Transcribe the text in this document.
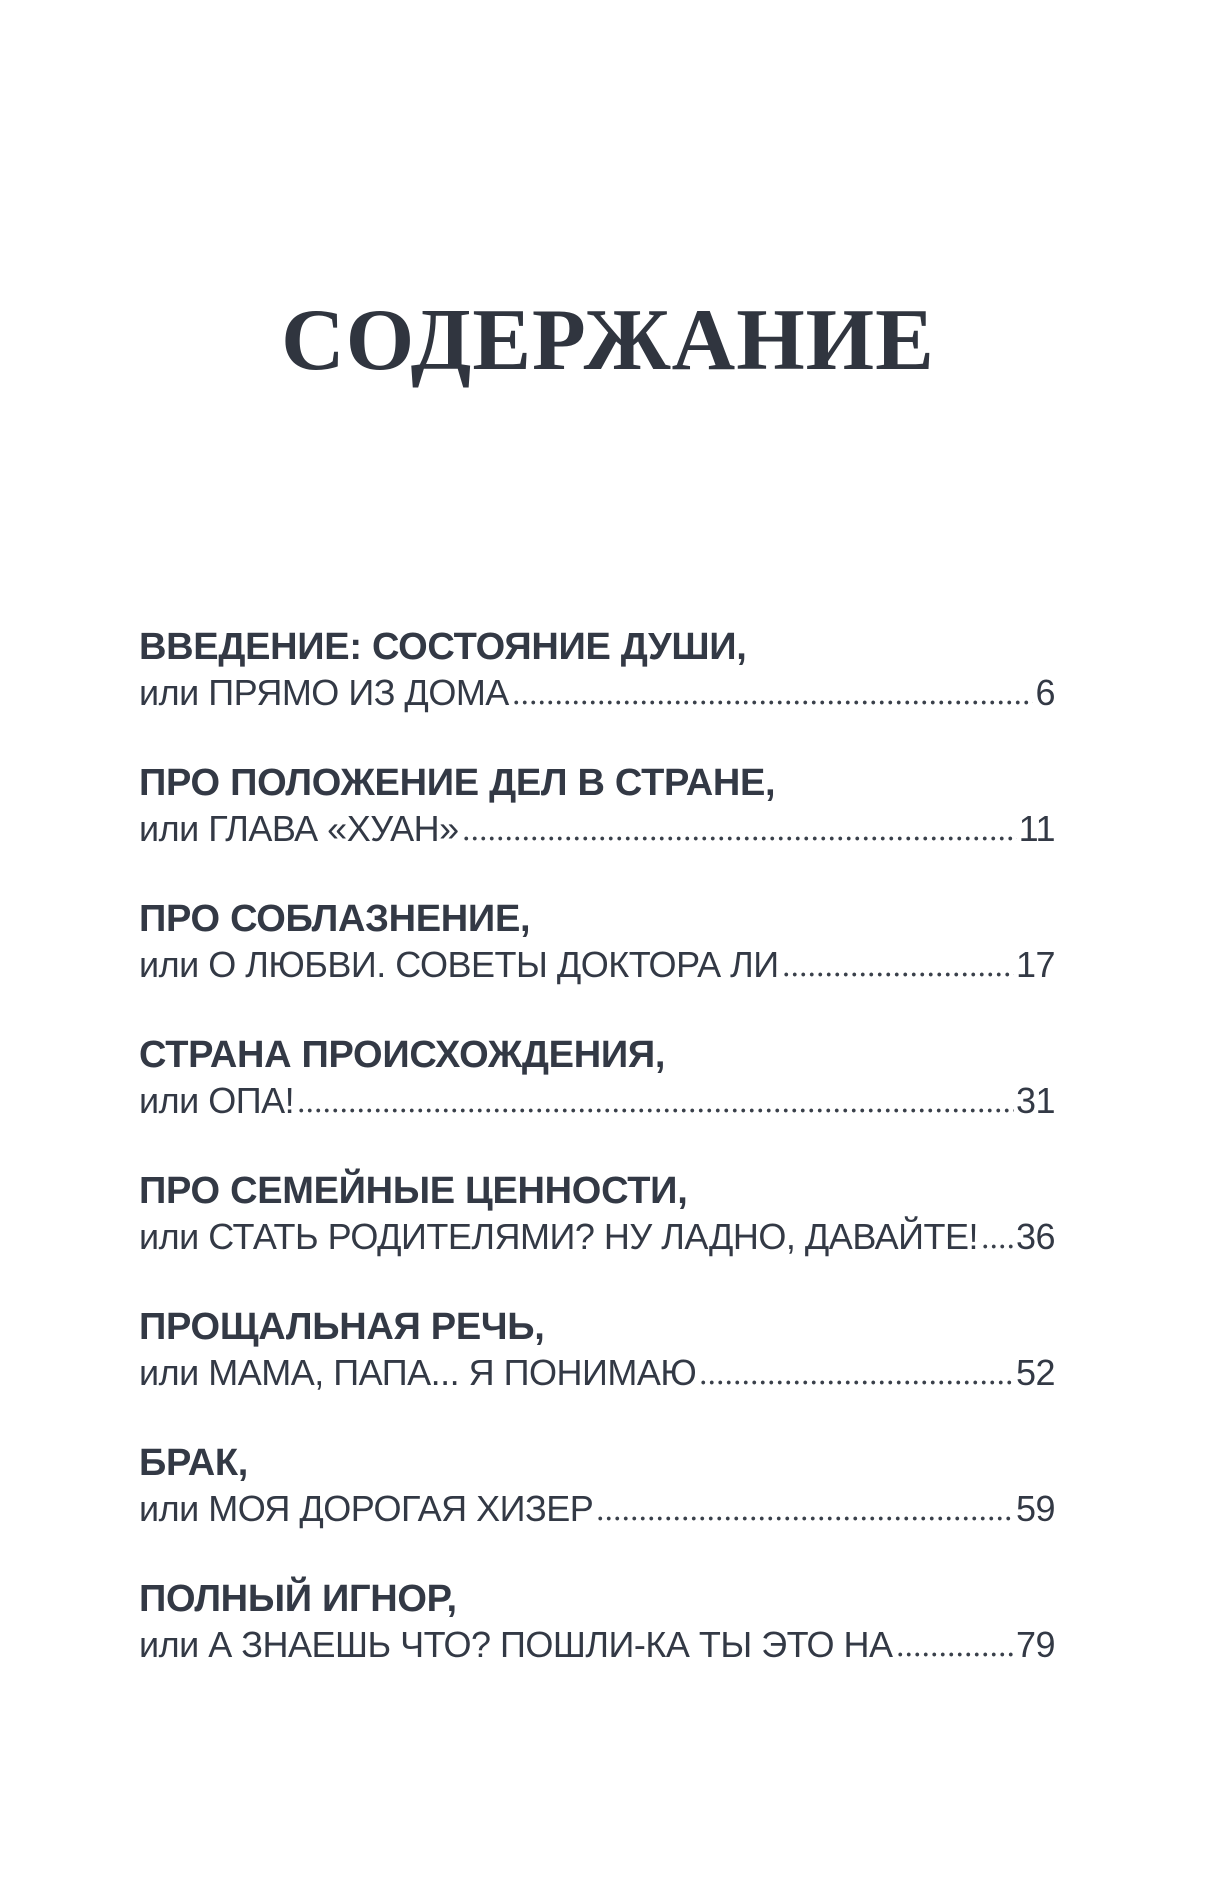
СОДЕРЖАНИЕ
ВВЕДЕНИЕ: СОСТОЯНИЕ ДУШИ,
или ПРЯМО ИЗ ДОМА	6
ПРО ПОЛОЖЕНИЕ ДЕЛ В СТРАНЕ,
или ГЛАВА «ХУАН»	11
ПРО СОБЛАЗНЕНИЕ,
или О ЛЮБВИ. СОВЕТЫ ДОКТОРА ЛИ	17
СТРАНА ПРОИСХОЖДЕНИЯ,
или ОПА!	31
ПРО СЕМЕЙНЫЕ ЦЕННОСТИ,
или СТАТЬ РОДИТЕЛЯМИ? НУ ЛАДНО, ДАВАЙТЕ! 36
ПРОЩАЛЬНАЯ РЕЧЬ,
или МАМА, ПАПА... Я ПОНИМАЮ	52
БРАК,
или МОЯ ДОРОГАЯ ХИЗЕР	59
ПОЛНЫЙ ИГНОР,
или А ЗНАЕШЬ ЧТО? ПОШЛИ-КА ТЫ ЭТО НА	79
